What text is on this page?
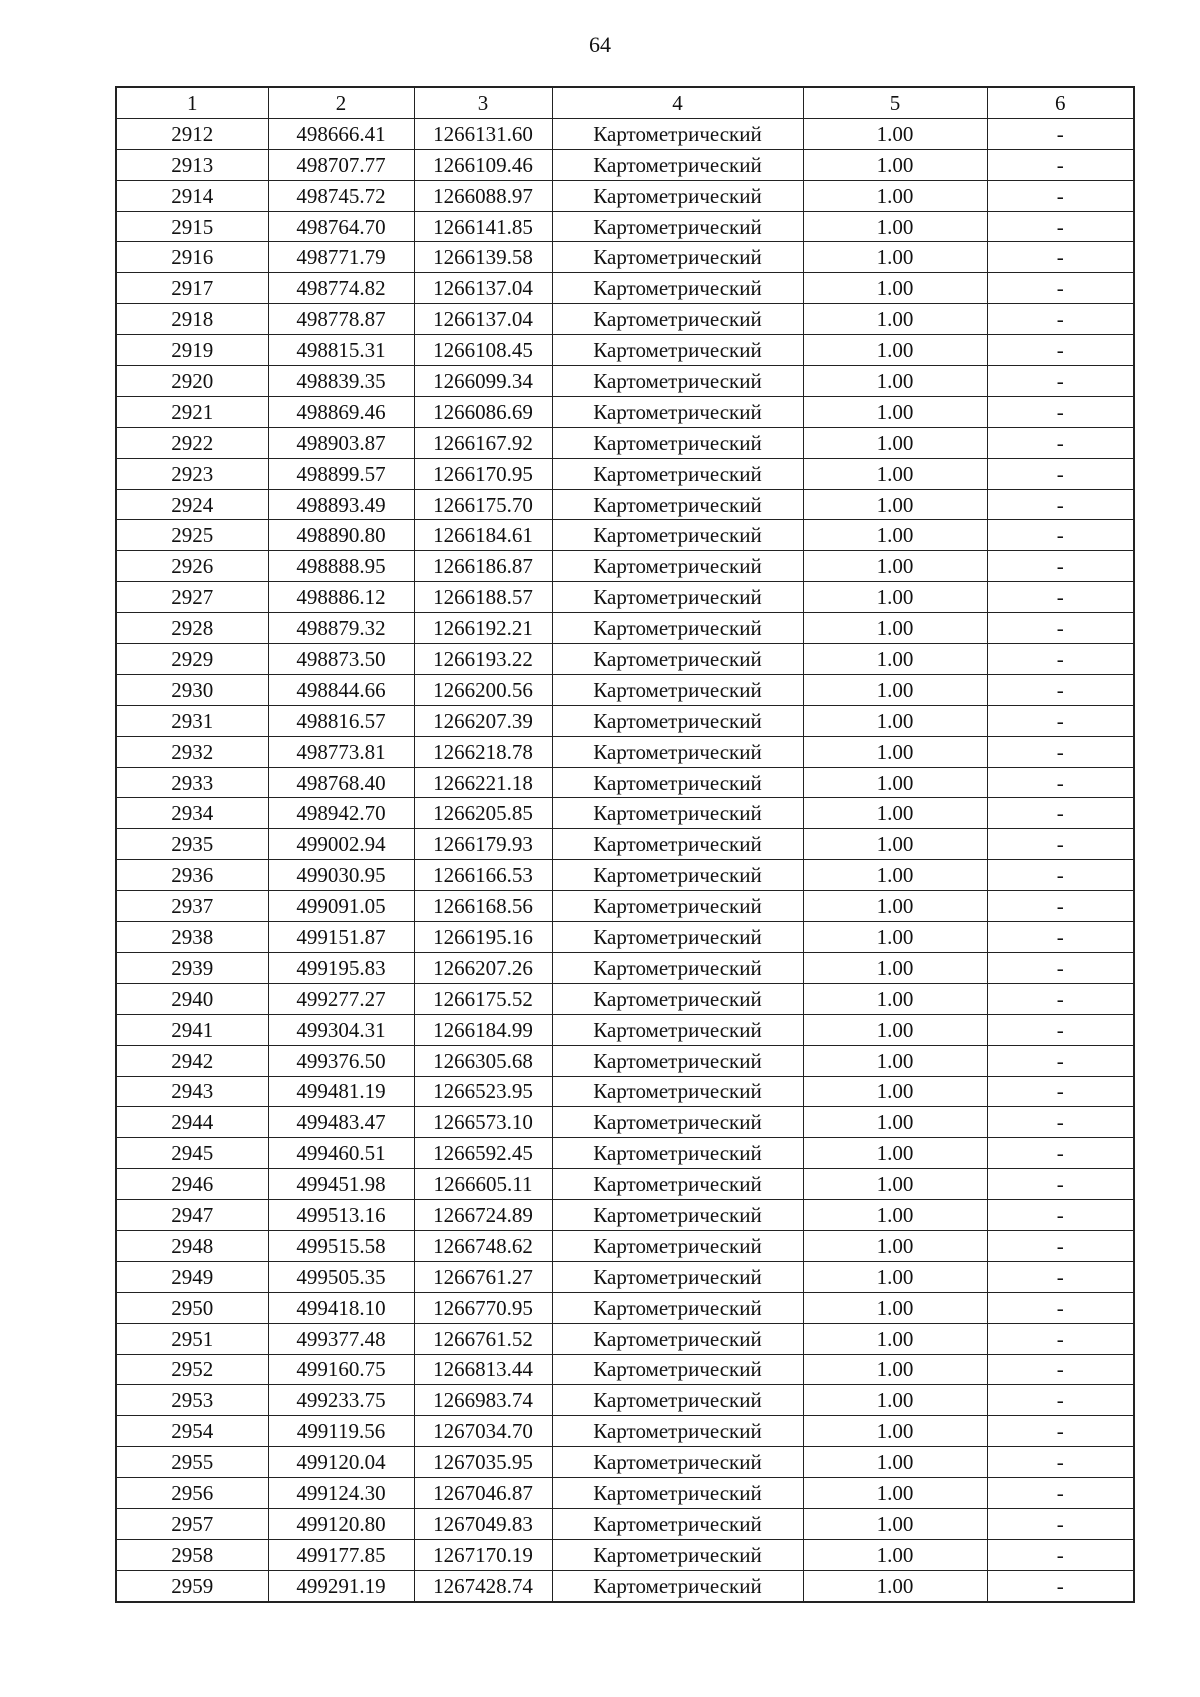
64
1	2	3	4	5	6
2912	498666.41	1266131.60	Картометрический	1.00	-
2913	498707.77	1266109.46	Картометрический	1.00	-
2914	498745.72	1266088.97	Картометрический	1.00	-
2915	498764.70	1266141.85	Картометрический	1.00	-
2916	498771.79	1266139.58	Картометрический	1.00	-
2917	498774.82	1266137.04	Картометрический	1.00	-
2918	498778.87	1266137.04	Картометрический	1.00	-
2919	498815.31	1266108.45	Картометрический	1.00	-
2920	498839.35	1266099.34	Картометрический	1.00	-
2921	498869.46	1266086.69	Картометрический	1.00	-
2922	498903.87	1266167.92	Картометрический	1.00	-
2923	498899.57	1266170.95	Картометрический	1.00	-
2924	498893.49	1266175.70	Картометрический	1.00	-
2925	498890.80	1266184.61	Картометрический	1.00	-
2926	498888.95	1266186.87	Картометрический	1.00	-
2927	498886.12	1266188.57	Картометрический	1.00	-
2928	498879.32	1266192.21	Картометрический	1.00	-
2929	498873.50	1266193.22	Картометрический	1.00	-
2930	498844.66	1266200.56	Картометрический	1.00	-
2931	498816.57	1266207.39	Картометрический	1.00	-
2932	498773.81	1266218.78	Картометрический	1.00	-
2933	498768.40	1266221.18	Картометрический	1.00	-
2934	498942.70	1266205.85	Картометрический	1.00	-
2935	499002.94	1266179.93	Картометрический	1.00	-
2936	499030.95	1266166.53	Картометрический	1.00	-
2937	499091.05	1266168.56	Картометрический	1.00	-
2938	499151.87	1266195.16	Картометрический	1.00	-
2939	499195.83	1266207.26	Картометрический	1.00	-
2940	499277.27	1266175.52	Картометрический	1.00	-
2941	499304.31	1266184.99	Картометрический	1.00	-
2942	499376.50	1266305.68	Картометрический	1.00	-
2943	499481.19	1266523.95	Картометрический	1.00	-
2944	499483.47	1266573.10	Картометрический	1.00	-
2945	499460.51	1266592.45	Картометрический	1.00	-
2946	499451.98	1266605.11	Картометрический	1.00	-
2947	499513.16	1266724.89	Картометрический	1.00	-
2948	499515.58	1266748.62	Картометрический	1.00	-
2949	499505.35	1266761.27	Картометрический	1.00	-
2950	499418.10	1266770.95	Картометрический	1.00	-
2951	499377.48	1266761.52	Картометрический	1.00	-
2952	499160.75	1266813.44	Картометрический	1.00	-
2953	499233.75	1266983.74	Картометрический	1.00	-
2954	499119.56	1267034.70	Картометрический	1.00	-
2955	499120.04	1267035.95	Картометрический	1.00	-
2956	499124.30	1267046.87	Картометрический	1.00	-
2957	499120.80	1267049.83	Картометрический	1.00	-
2958	499177.85	1267170.19	Картометрический	1.00	-
2959	499291.19	1267428.74	Картометрический	1.00	-
